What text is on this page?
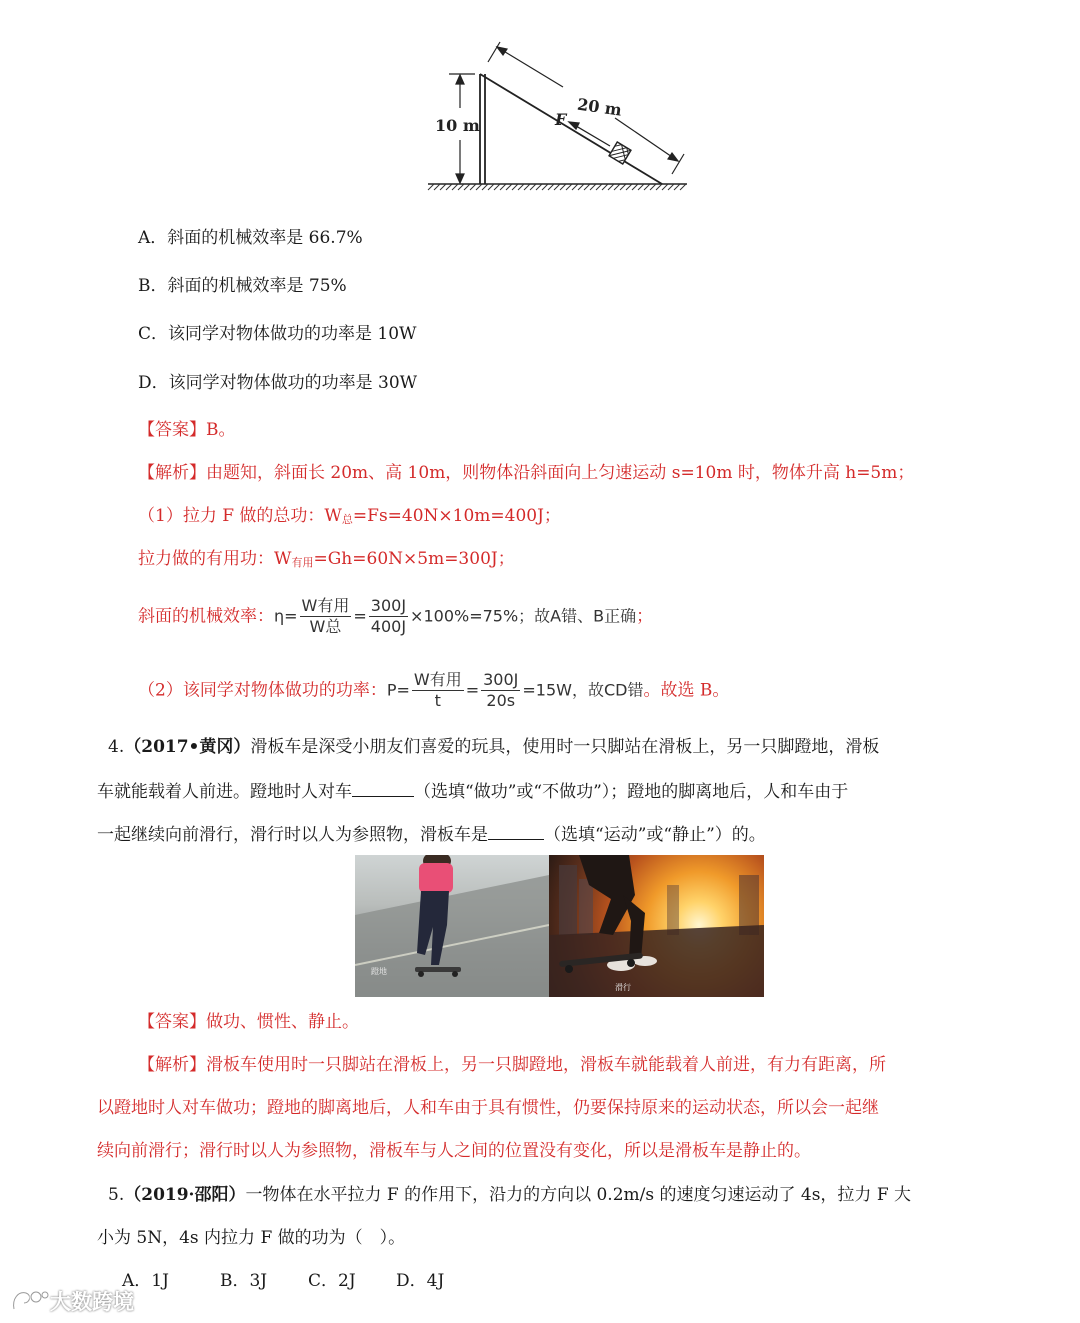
10 m
20 m
F
A．斜面的机械效率是 66.7%
B．斜面的机械效率是 75%
C．该同学对物体做功的功率是 10W
D．该同学对物体做功的功率是 30W
【答案】B。
【解析】由题知，斜面长 20m、高 10m，则物体沿斜面向上匀速运动 s=10m 时，物体升高 h=5m；
（1）拉力 F 做的总功：W总=Fs=40N×10m=400J；
拉力做的有用功：W有用=Gh=60N×5m=300J；
斜面的机械效率：$\eta= \frac{\text{W有用}}{\text{W总}} = \frac{300J}{400J} \times 100\%=75\%$；故A错、B正确；
（2）该同学对物体做功的功率：$P= \frac{\text{W有用}}{t} = \frac{300J}{20s} =15W$，故CD错。故选 B。
4.（2017•黄冈）滑板车是深受小朋友们喜爱的玩具，使用时一只脚站在滑板上，另一只脚蹬地，滑板
车就能载着人前进。蹬地时人对车	（选填“做功”或“不做功”）；蹬地的脚离地后，人和车由于
一起继续向前滑行，滑行时以人为参照物，滑板车是	（选填“运动”或“静止”）的。
蹬地
滑行
【答案】做功、惯性、静止。
【解析】滑板车使用时一只脚站在滑板上，另一只脚蹬地，滑板车就能载着人前进，有力有距离，所
以蹬地时人对车做功；蹬地的脚离地后，人和车由于具有惯性，仍要保持原来的运动状态，所以会一起继
续向前滑行；滑行时以人为参照物，滑板车与人之间的位置没有变化，所以是滑板车是静止的。
5.（2019·邵阳）一物体在水平拉力 F 的作用下，沿力的方向以 0.2m/s 的速度匀速运动了 4s，拉力 F 大
小为 5N，4s 内拉力 F 做的功为（　）。
A．1J	B．3J C．2J D．4J
大数跨境
